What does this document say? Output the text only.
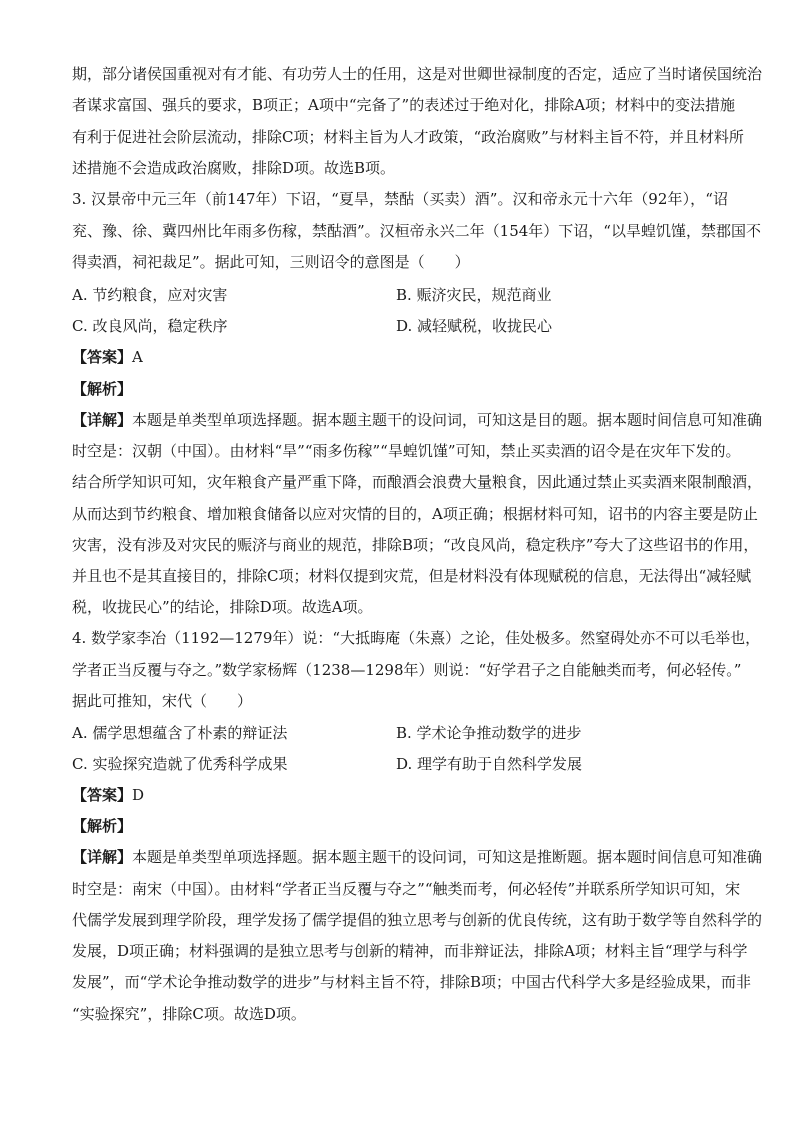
期，部分诸侯国重视对有才能、有功劳人士的任用，这是对世卿世禄制度的否定，适应了当时诸侯国统治
者谋求富国、强兵的要求，B项正；A项中“完备了”的表述过于绝对化，排除A项；材料中的变法措施
有利于促进社会阶层流动，排除C项；材料主旨为人才政策，“政治腐败”与材料主旨不符，并且材料所
述措施不会造成政治腐败，排除D项。故选B项。
3. 汉景帝中元三年（前147年）下诏，“夏旱，禁酤（买卖）酒”。汉和帝永元十六年（92年），“诏
兖、豫、徐、冀四州比年雨多伤稼，禁酤酒”。汉桓帝永兴二年（154年）下诏，“以旱蝗饥馑，禁郡国不
得卖酒，祠祀裁足”。据此可知，三则诏令的意图是（　　）
A. 节约粮食，应对灾害	B. 赈济灾民，规范商业
C. 改良风尚，稳定秩序	D. 减轻赋税，收拢民心
【答案】A
【解析】
【详解】本题是单类型单项选择题。据本题主题干的设问词，可知这是目的题。据本题时间信息可知准确
时空是：汉朝（中国）。由材料“旱”“雨多伤稼”“旱蝗饥馑”可知，禁止买卖酒的诏令是在灾年下发的。
结合所学知识可知，灾年粮食产量严重下降，而酿酒会浪费大量粮食，因此通过禁止买卖酒来限制酿酒，
从而达到节约粮食、增加粮食储备以应对灾情的目的，A项正确；根据材料可知，诏书的内容主要是防止
灾害，没有涉及对灾民的赈济与商业的规范，排除B项；“改良风尚，稳定秩序”夸大了这些诏书的作用，
并且也不是其直接目的，排除C项；材料仅提到灾荒，但是材料没有体现赋税的信息，无法得出“减轻赋
税，收拢民心”的结论，排除D项。故选A项。
4. 数学家李冶（1192—1279年）说：“大抵晦庵（朱熹）之论，佳处极多。然窒碍处亦不可以毛举也，
学者正当反覆与夺之。”数学家杨辉（1238—1298年）则说：“好学君子之自能触类而考，何必轻传。”
据此可推知，宋代（　　）
A. 儒学思想蕴含了朴素的辩证法	B. 学术论争推动数学的进步
C. 实验探究造就了优秀科学成果	D. 理学有助于自然科学发展
【答案】D
【解析】
【详解】本题是单类型单项选择题。据本题主题干的设问词，可知这是推断题。据本题时间信息可知准确
时空是：南宋（中国）。由材料“学者正当反覆与夺之”“触类而考，何必轻传”并联系所学知识可知，宋
代儒学发展到理学阶段，理学发扬了儒学提倡的独立思考与创新的优良传统，这有助于数学等自然科学的
发展，D项正确；材料强调的是独立思考与创新的精神，而非辩证法，排除A项；材料主旨“理学与科学
发展”，而“学术论争推动数学的进步”与材料主旨不符，排除B项；中国古代科学大多是经验成果，而非
“实验探究”，排除C项。故选D项。
